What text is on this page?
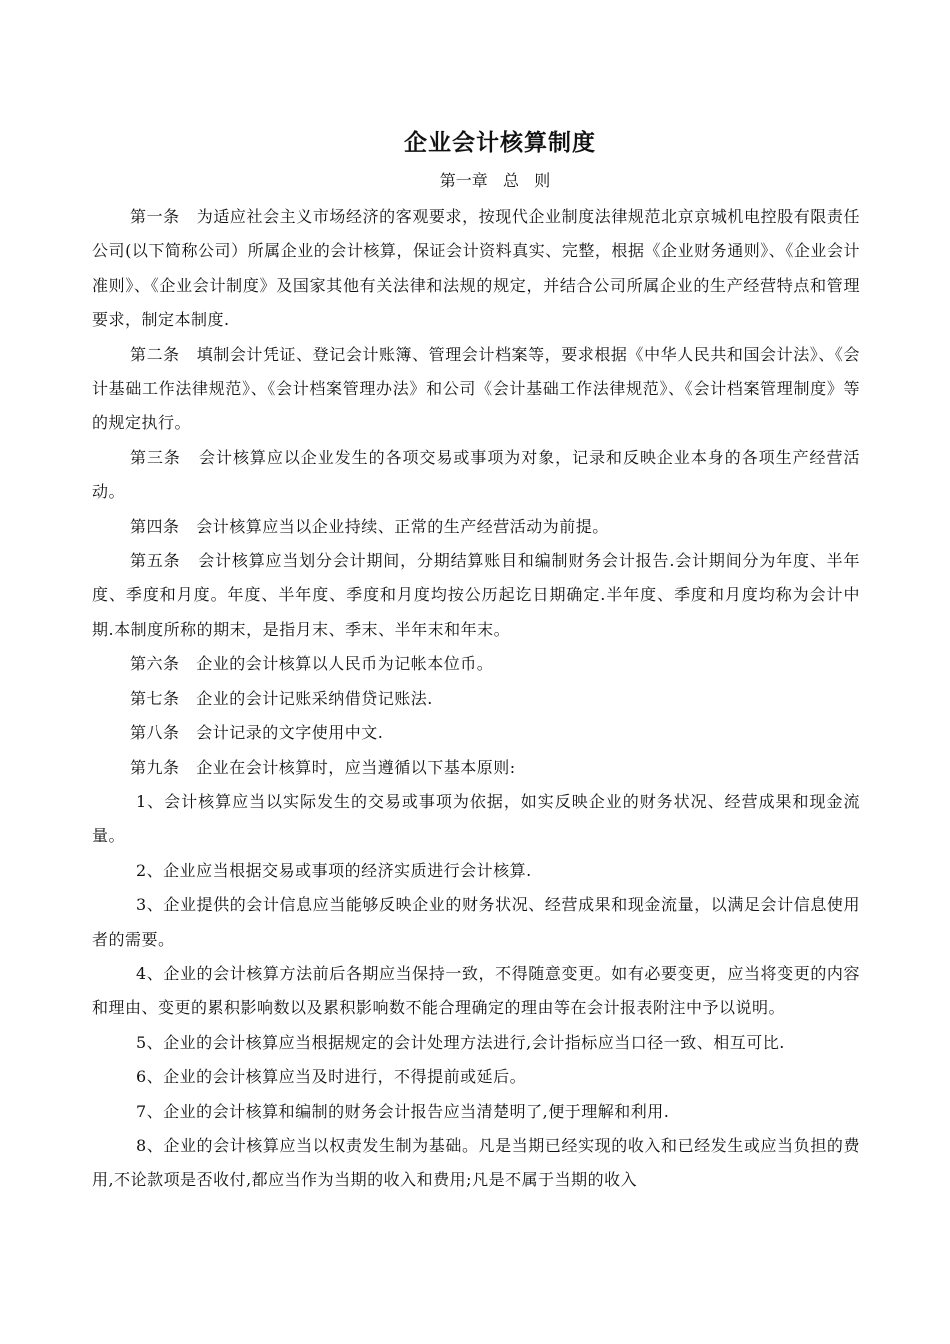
企业会计核算制度
第一章   总   则

第一条 为适应社会主义市场经济的客观要求，按现代企业制度法律规范北京京城机电控股有限责任公司(以下简称公司）所属企业的会计核算，保证会计资料真实、完整，根据《企业财务通则》、《企业会计准则》、《企业会计制度》及国家其他有关法律和法规的规定，并结合公司所属企业的生产经营特点和管理要求，制定本制度.

第二条 填制会计凭证、登记会计账簿、管理会计档案等，要求根据《中华人民共和国会计法》、《会计基础工作法律规范》、《会计档案管理办法》和公司《会计基础工作法律规范》、《会计档案管理制度》等的规定执行。

第三条 会计核算应以企业发生的各项交易或事项为对象，记录和反映企业本身的各项生产经营活动。

第四条 会计核算应当以企业持续、正常的生产经营活动为前提。

第五条 会计核算应当划分会计期间，分期结算账目和编制财务会计报告.会计期间分为年度、半年度、季度和月度。年度、半年度、季度和月度均按公历起讫日期确定.半年度、季度和月度均称为会计中期.本制度所称的期末，是指月末、季末、半年末和年末。

第六条 企业的会计核算以人民币为记帐本位币。

第七条 企业的会计记账采纳借贷记账法.

第八条 会计记录的文字使用中文.

第九条 企业在会计核算时，应当遵循以下基本原则:

1、会计核算应当以实际发生的交易或事项为依据，如实反映企业的财务状况、经营成果和现金流量。

2、企业应当根据交易或事项的经济实质进行会计核算.

3、企业提供的会计信息应当能够反映企业的财务状况、经营成果和现金流量，以满足会计信息使用者的需要。

4、企业的会计核算方法前后各期应当保持一致，不得随意变更。如有必要变更，应当将变更的内容和理由、变更的累积影响数以及累积影响数不能合理确定的理由等在会计报表附注中予以说明。

5、企业的会计核算应当根据规定的会计处理方法进行,会计指标应当口径一致、相互可比.

6、企业的会计核算应当及时进行，不得提前或延后。

7、企业的会计核算和编制的财务会计报告应当清楚明了,便于理解和利用.

8、企业的会计核算应当以权责发生制为基础。凡是当期已经实现的收入和已经发生或应当负担的费用,不论款项是否收付,都应当作为当期的收入和费用;凡是不属于当期的收入
